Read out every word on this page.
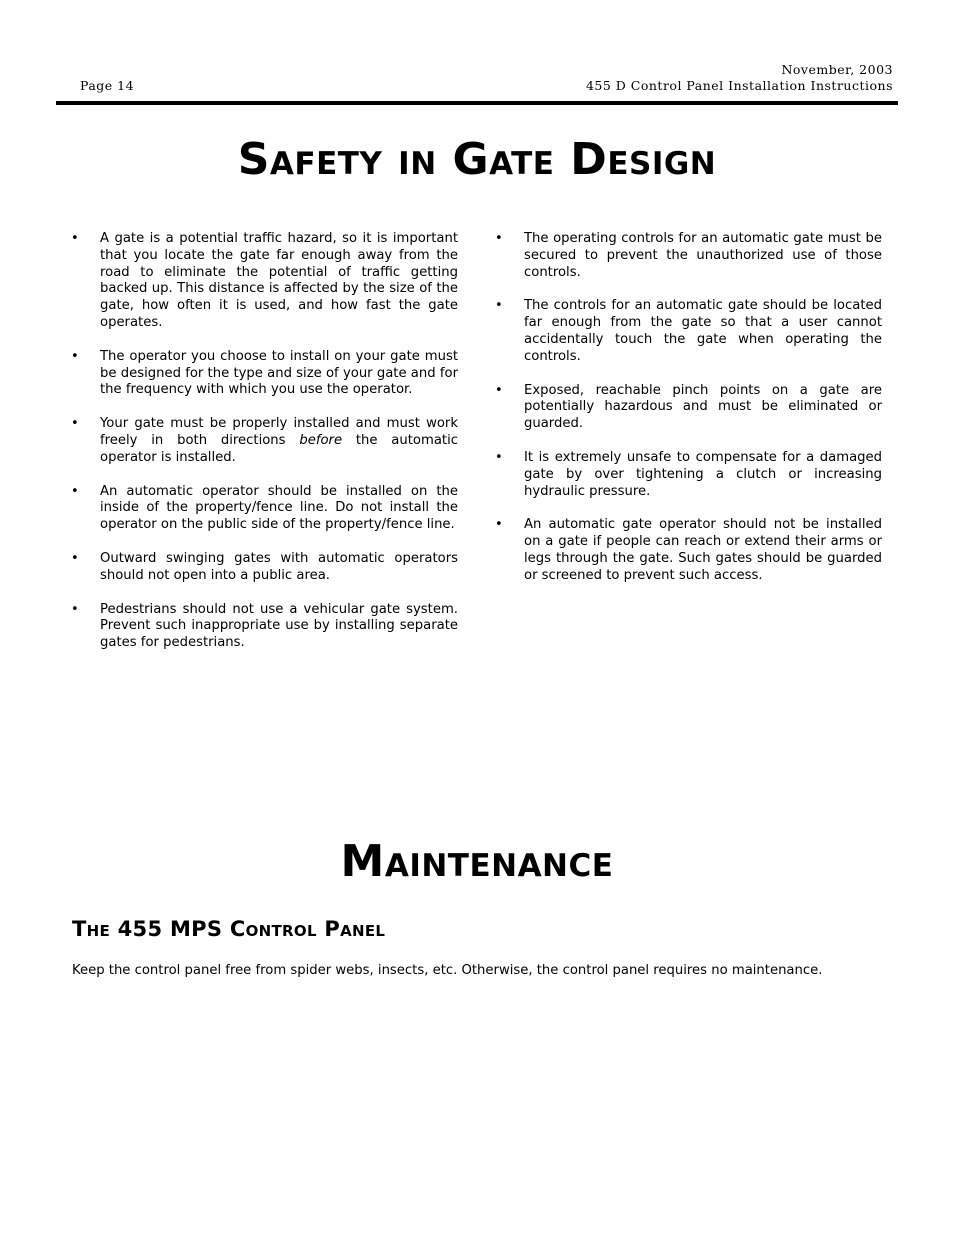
November, 2003
Page 14	455 D Control Panel Installation Instructions
Safety in Gate Design
• A gate is a potential traffic hazard, so it is important that you locate the gate far enough away from the road to eliminate the potential of traffic getting backed up. This distance is affected by the size of the gate, how often it is used, and how fast the gate operates.
• The operator you choose to install on your gate must be designed for the type and size of your gate and for the frequency with which you use the operator.
• Your gate must be properly installed and must work freely in both directions before the automatic operator is installed.
• An automatic operator should be installed on the inside of the property/fence line. Do not install the operator on the public side of the property/fence line.
• Outward swinging gates with automatic operators should not open into a public area.
• Pedestrians should not use a vehicular gate system. Prevent such inappropriate use by installing separate gates for pedestrians.
• The operating controls for an automatic gate must be secured to prevent the unauthorized use of those controls.
• The controls for an automatic gate should be located far enough from the gate so that a user cannot accidentally touch the gate when operating the controls.
• Exposed, reachable pinch points on a gate are potentially hazardous and must be eliminated or guarded.
• It is extremely unsafe to compensate for a damaged gate by over tightening a clutch or increasing hydraulic pressure.
• An automatic gate operator should not be installed on a gate if people can reach or extend their arms or legs through the gate. Such gates should be guarded or screened to prevent such access.
Maintenance
The 455 MPS Control Panel

Keep the control panel free from spider webs, insects, etc. Otherwise, the control panel requires no maintenance.
